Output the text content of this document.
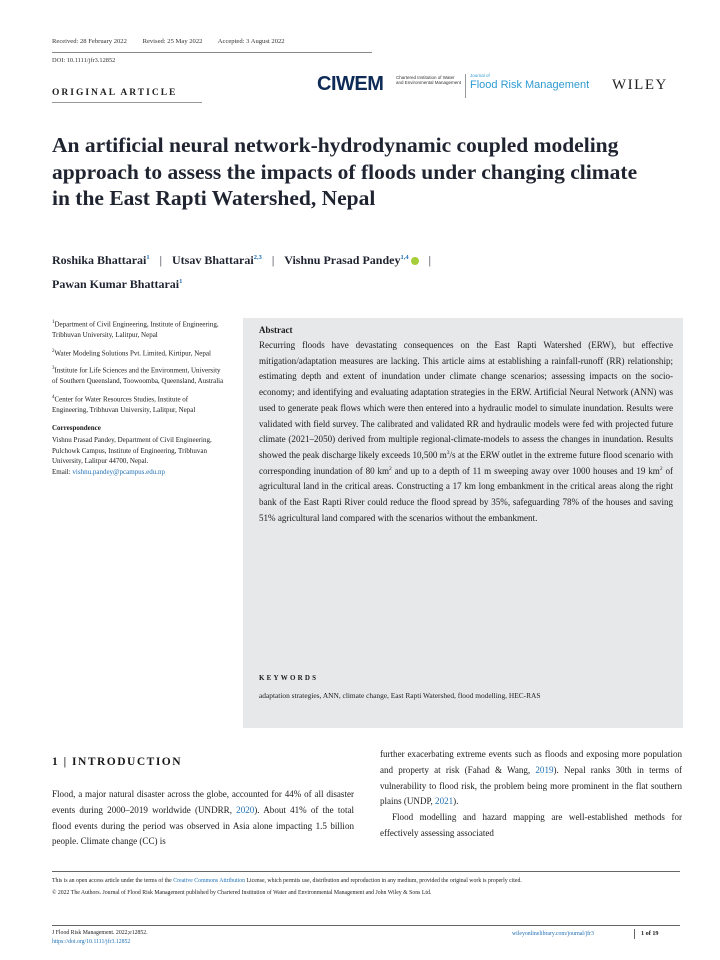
Received: 28 February 2022 Revised: 25 May 2022 Accepted: 3 August 2022
DOI: 10.1111/jfr3.12852
ORIGINAL ARTICLE	CIWEM	Chartered Institution of Water and Environmental Management
Journal of
Flood Risk Management WILEY
An artificial neural network-hydrodynamic coupled modeling approach to assess the impacts of floods under changing climate in the East Rapti Watershed, Nepal
Roshika Bhattarai$^1$ | Utsav Bhattarai$^{2,3}$ | Vishnu Prasad Pandey$^{1,4}$ |
Pawan Kumar Bhattarai$^1$

$^1$Department of Civil Engineering, Institute of Engineering, Tribhuvan University, Lalitpur, Nepal

$^2$Water Modeling Solutions Pvt. Limited, Kirtipur, Nepal

$^3$Institute for Life Sciences and the Environment, University of Southern Queensland, Toowoomba, Queensland, Australia

$^4$Center for Water Resources Studies, Institute of Engineering, Tribhuvan University, Lalitpur, Nepal

Correspondence
Vishnu Prasad Pandey, Department of Civil Engineering, Pulchowk Campus, Institute of Engineering, Tribhuvan University, Lalitpur 44700, Nepal.
Email: vishnu.pandey@pcampus.edu.np

Abstract
Recurring floods have devastating consequences on the East Rapti Watershed (ERW), but effective mitigation/adaptation measures are lacking. This article aims at establishing a rainfall-runoff (RR) relationship; estimating depth and extent of inundation under climate change scenarios; assessing impacts on the socio-economy; and identifying and evaluating adaptation strategies in the ERW. Artificial Neural Network (ANN) was used to generate peak flows which were then entered into a hydraulic model to simulate inundation. Results were validated with field survey. The calibrated and validated RR and hydraulic models were fed with projected future climate (2021–2050) derived from multiple regional-climate-models to assess the changes in inundation. Results showed the peak discharge likely exceeds 10,500 $m^3/s$ at the ERW outlet in the extreme future flood scenario with corresponding inundation of 80 $km^2$ and up to a depth of 11 m sweeping away over 1000 houses and 19 $km^2$ of agricultural land in the critical areas. Constructing a 17 km long embankment in the critical areas along the right bank of the East Rapti River could reduce the flood spread by 35%, safeguarding 78% of the houses and saving 51% agricultural land compared with the scenarios without the embankment.
KEYWORDS
adaptation strategies, ANN, climate change, East Rapti Watershed, flood modelling, HEC-RAS
1 | INTRODUCTION

Flood, a major natural disaster across the globe, accounted for 44% of all disaster events during 2000–2019 worldwide (UNDRR, 2020). About 41% of the total flood events during the period was observed in Asia alone impacting 1.5 billion people. Climate change (CC) is

further exacerbating extreme events such as floods and exposing more population and property at risk (Fahad & Wang, 2019). Nepal ranks 30th in terms of vulnerability to flood risk, the problem being more prominent in the flat southern plains (UNDP, 2021).

Flood modelling and hazard mapping are well-established methods for effectively assessing associated

This is an open access article under the terms of the Creative Commons Attribution License, which permits use, distribution and reproduction in any medium, provided the original work is properly cited.

© 2022 The Authors. Journal of Flood Risk Management published by Chartered Institution of Water and Environmental Management and John Wiley & Sons Ltd.

J Flood Risk Management. 2022;e12852.
https://doi.org/10.1111/jfr3.12852
wileyonlinelibrary.com/journal/jfr3	1 of 19
